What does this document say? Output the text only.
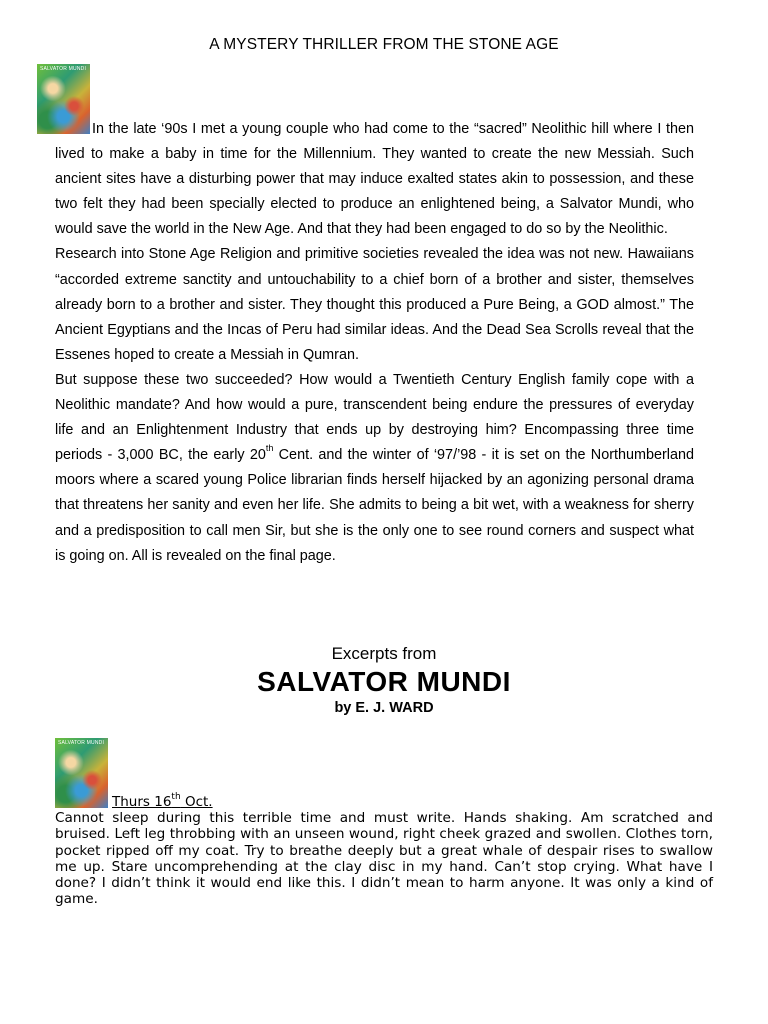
A MYSTERY THRILLER FROM THE STONE AGE
SALVATOR MUNDI

In the late ‘90s I met a young couple who had come to the “sacred” Neolithic hill where I then lived to make a baby in time for the Millennium. They wanted to create the new Messiah. Such ancient sites have a disturbing power that may induce exalted states akin to possession, and these two felt they had been specially elected to produce an enlightened being, a Salvator Mundi, who would save the world in the New Age. And that they had been engaged to do so by the Neolithic.

Research into Stone Age Religion and primitive societies revealed the idea was not new. Hawaiians “accorded extreme sanctity and untouchability to a chief born of a brother and sister, themselves already born to a brother and sister. They thought this produced a Pure Being, a GOD almost.” The Ancient Egyptians and the Incas of Peru had similar ideas. And the Dead Sea Scrolls reveal that the Essenes hoped to create a Messiah in Qumran.

But suppose these two succeeded? How would a Twentieth Century English family cope with a Neolithic mandate? And how would a pure, transcendent being endure the pressures of everyday life and an Enlightenment Industry that ends up by destroying him? Encompassing three time periods - 3,000 BC, the early 20th Cent. and the winter of ‘97/’98 - it is set on the Northumberland moors where a scared young Police librarian finds herself hijacked by an agonizing personal drama that threatens her sanity and even her life. She admits to being a bit wet, with a weakness for sherry and a predisposition to call men Sir, but she is the only one to see round corners and suspect what is going on. All is revealed on the final page.

Excerpts from
SALVATOR MUNDI
by E. J. WARD
SALVATOR MUNDI
Thurs 16th Oct.
Cannot sleep during this terrible time and must write. Hands shaking. Am scratched and bruised. Left leg throbbing with an unseen wound, right cheek grazed and swollen. Clothes torn, pocket ripped off my coat. Try to breathe deeply but a great whale of despair rises to swallow me up. Stare uncomprehending at the clay disc in my hand. Can’t stop crying. What have I done? I didn’t think it would end like this. I didn’t mean to harm anyone. It was only a kind of game.
